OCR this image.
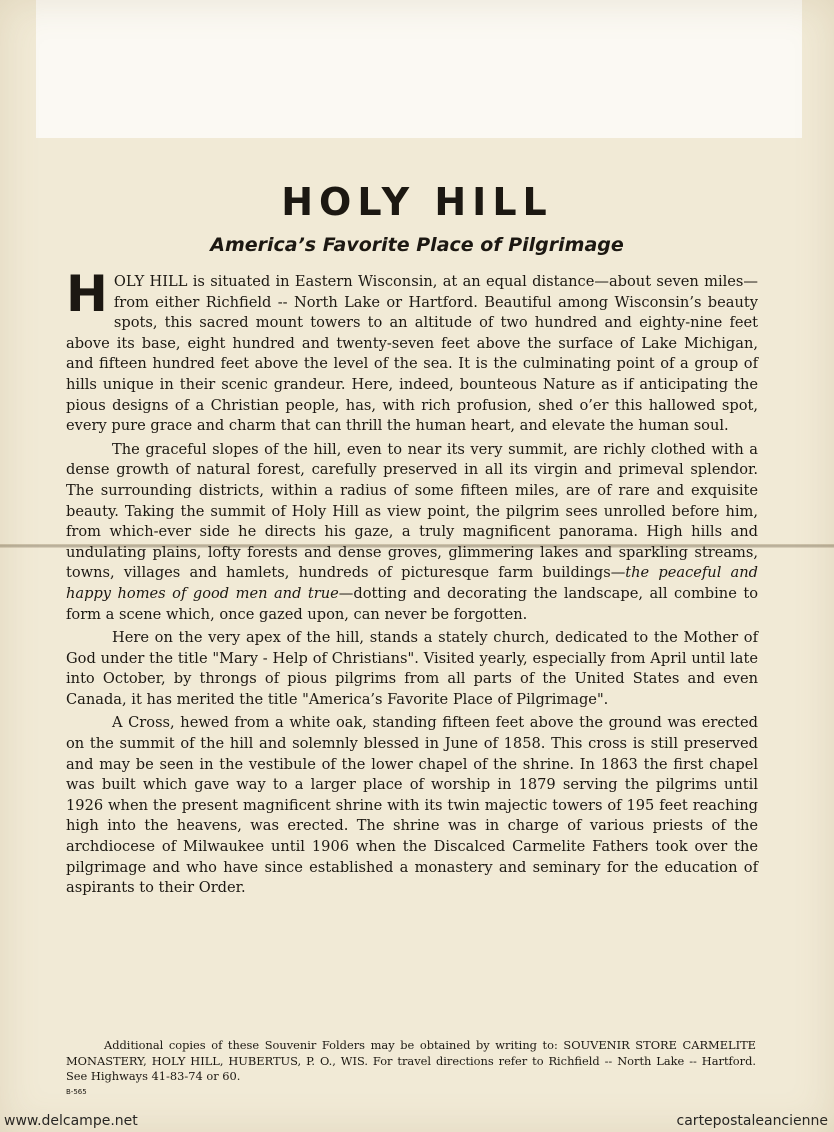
HOLY HILL
America’s Favorite Place of Pilgrimage

HOLY HILL is situated in Eastern Wisconsin, at an equal distance—about seven miles—from either Richfield -- North Lake or Hartford. Beautiful among Wisconsin’s beauty spots, this sacred mount towers to an altitude of two hundred and eighty-nine feet above its base, eight hundred and twenty-seven feet above the surface of Lake Michigan, and fifteen hundred feet above the level of the sea. It is the culminating point of a group of hills unique in their scenic grandeur. Here, indeed, bounteous Nature as if anticipating the pious designs of a Christian people, has, with rich profusion, shed o’er this hallowed spot, every pure grace and charm that can thrill the human heart, and elevate the human soul.

The graceful slopes of the hill, even to near its very summit, are richly clothed with a dense growth of natural forest, carefully preserved in all its virgin and primeval splendor. The surrounding districts, within a radius of some fifteen miles, are of rare and exquisite beauty. Taking the summit of Holy Hill as view point, the pilgrim sees unrolled before him, from which-ever side he directs his gaze, a truly magnificent panorama. High hills and undulating plains, lofty forests and dense groves, glimmering lakes and sparkling streams, towns, villages and hamlets, hundreds of picturesque farm buildings—the peaceful and happy homes of good men and true—dotting and decorating the landscape, all combine to form a scene which, once gazed upon, can never be forgotten.

Here on the very apex of the hill, stands a stately church, dedicated to the Mother of God under the title "Mary - Help of Christians". Visited yearly, especially from April until late into October, by throngs of pious pilgrims from all parts of the United States and even Canada, it has merited the title "America’s Favorite Place of Pilgrimage".

A Cross, hewed from a white oak, standing fifteen feet above the ground was erected on the summit of the hill and solemnly blessed in June of 1858. This cross is still preserved and may be seen in the vestibule of the lower chapel of the shrine. In 1863 the first chapel was built which gave way to a larger place of worship in 1879 serving the pilgrims until 1926 when the present magnificent shrine with its twin majectic towers of 195 feet reaching high into the heavens, was erected. The shrine was in charge of various priests of the archdiocese of Milwaukee until 1906 when the Discalced Carmelite Fathers took over the pilgrimage and who have since established a monastery and seminary for the education of aspirants to their Order.

Additional copies of these Souvenir Folders may be obtained by writing to: SOUVENIR STORE CARMELITE MONASTERY, HOLY HILL, HUBERTUS, P. O., WIS. For travel directions refer to Richfield -- North Lake -- Hartford. See Highways 41-83-74 or 60.
B-565
www.delcampe.net	cartepostaleancienne
